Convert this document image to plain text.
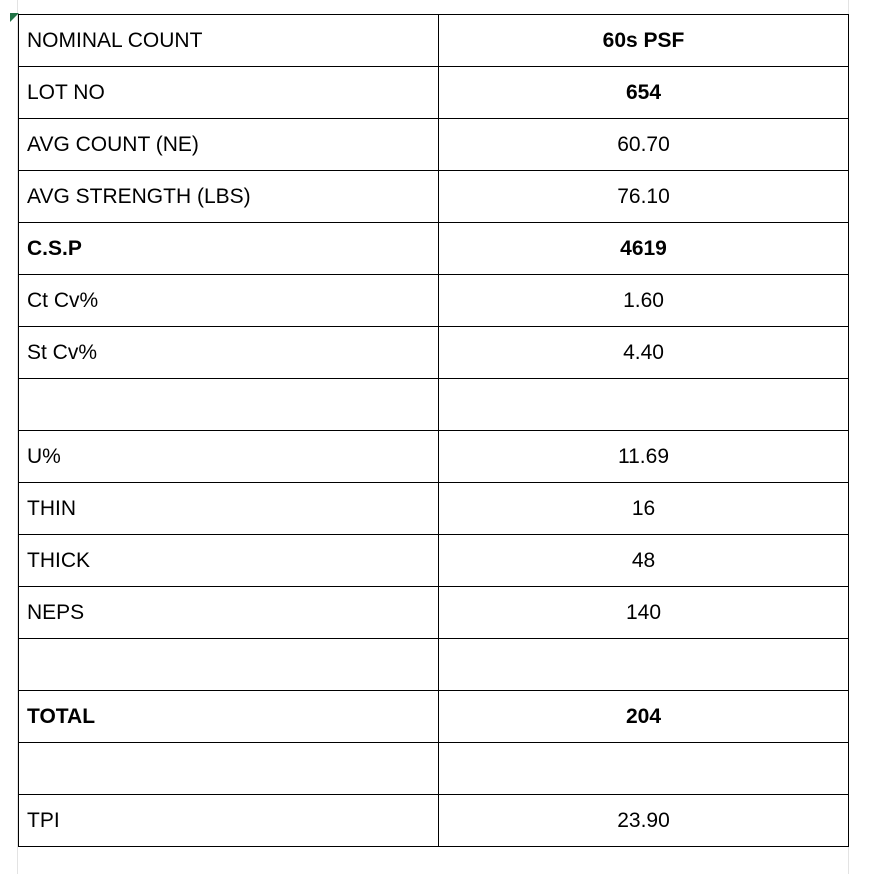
NOMINAL COUNT	60s PSF

LOT NO	654

AVG COUNT (NE)	60.70

AVG STRENGTH (LBS)	76.10

C.S.P	4619

Ct Cv%	1.60

St Cv%	4.40

U%	11.69

THIN	16

THICK	48

NEPS	140

TOTAL	204

TPI	23.90
